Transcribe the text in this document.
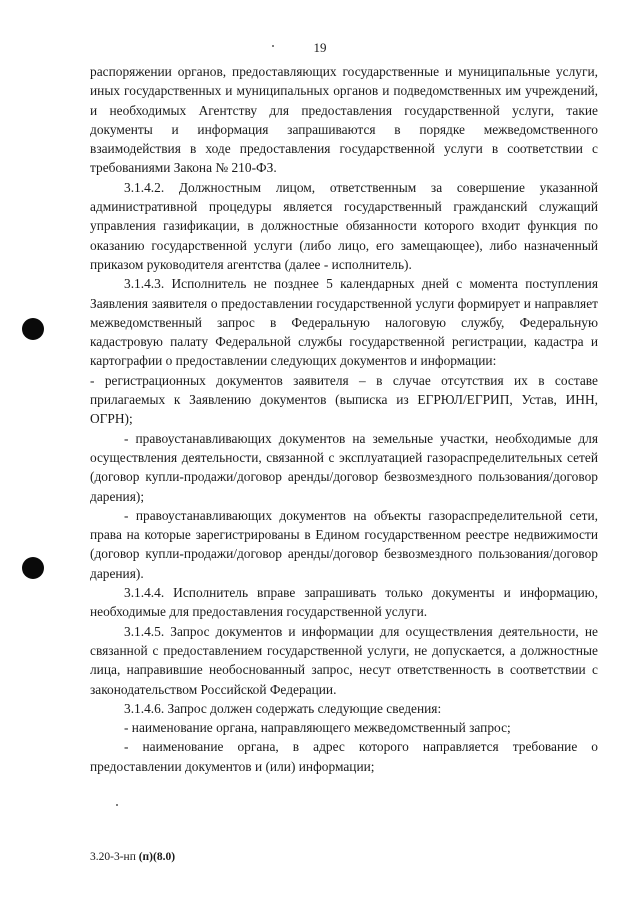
19

распоряжении органов, предоставляющих государственные и муниципальные услуги, иных государственных и муниципальных органов и подведомственных им учреждений, и необходимых Агентству для предоставления государственной услуги, такие документы и информация запрашиваются в порядке межведомственного взаимодействия в ходе предоставления государственной услуги в соответствии с требованиями Закона № 210-ФЗ.

3.1.4.2. Должностным лицом, ответственным за совершение указанной административной процедуры является государственный гражданский служащий управления газификации, в должностные обязанности которого входит функция по оказанию государственной услуги (либо лицо, его замещающее), либо назначенный приказом руководителя агентства (далее - исполнитель).

3.1.4.3. Исполнитель не позднее 5 календарных дней с момента поступления Заявления заявителя о предоставлении государственной услуги формирует и направляет межведомственный запрос в Федеральную налоговую службу, Федеральную кадастровую палату Федеральной службы государственной регистрации, кадастра и картографии о предоставлении следующих документов и информации:

- регистрационных документов заявителя – в случае отсутствия их в составе прилагаемых к Заявлению документов (выписка из ЕГРЮЛ/ЕГРИП, Устав, ИНН, ОГРН);

- правоустанавливающих документов на земельные участки, необходимые для осуществления деятельности, связанной с эксплуатацией газораспределительных сетей (договор купли-продажи/договор аренды/договор безвозмездного пользования/договор дарения);

- правоустанавливающих документов на объекты газораспределительной сети, права на которые зарегистрированы в Едином государственном реестре недвижимости (договор купли-продажи/договор аренды/договор безвозмездного пользования/договор дарения).

3.1.4.4. Исполнитель вправе запрашивать только документы и информацию, необходимые для предоставления государственной услуги.

3.1.4.5. Запрос документов и информации для осуществления деятельности, не связанной с предоставлением государственной услуги, не допускается, а должностные лица, направившие необоснованный запрос, несут ответственность в соответствии с законодательством Российской Федерации.

3.1.4.6. Запрос должен содержать следующие сведения:

- наименование органа, направляющего межведомственный запрос;

- наименование органа, в адрес которого направляется требование о предоставлении документов и (или) информации;

3.20-3-нп (п)(8.0)
